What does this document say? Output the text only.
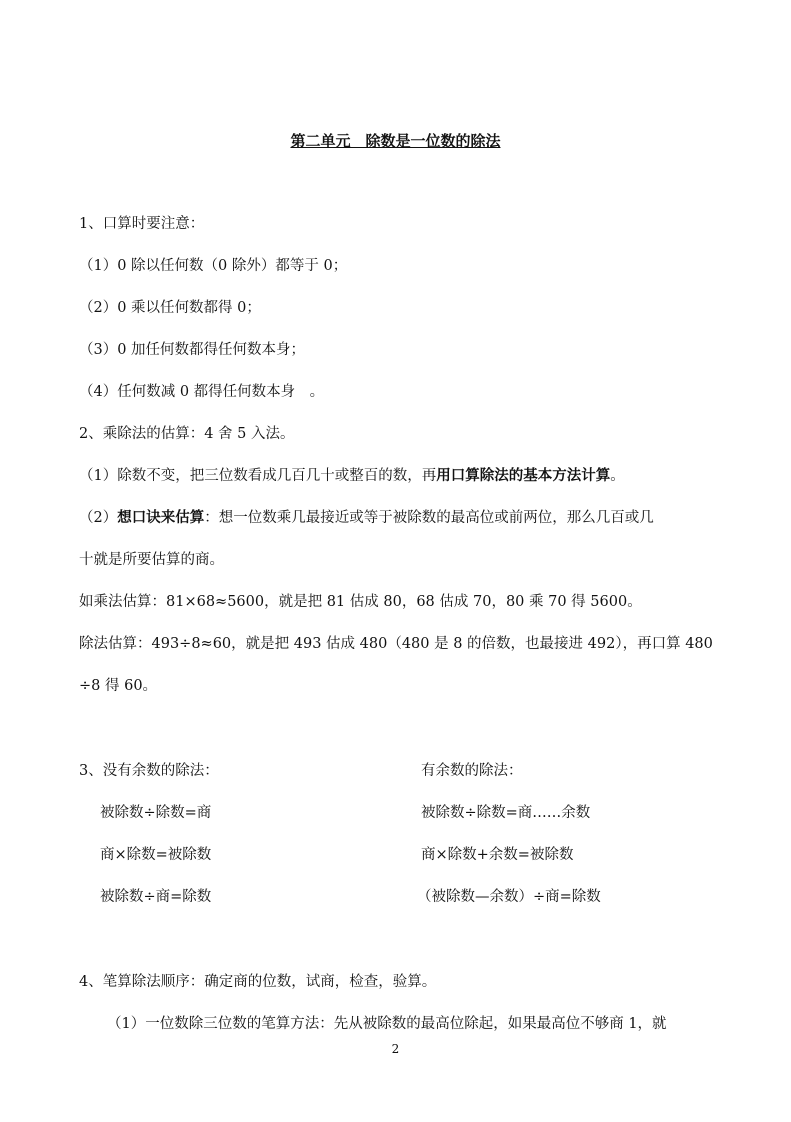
第二单元　除数是一位数的除法
1、口算时要注意：
（1）0 除以任何数（0 除外）都等于 0；
（2）0 乘以任何数都得 0；
（3）0 加任何数都得任何数本身；
（4）任何数减 0 都得任何数本身　。
2、乘除法的估算：4 舍 5 入法。
（1）除数不变，把三位数看成几百几十或整百的数，再用口算除法的基本方法计算。
（2）想口诀来估算：想一位数乘几最接近或等于被除数的最高位或前两位，那么几百或几
十就是所要估算的商。
如乘法估算：81×68≈5600，就是把 81 估成 80，68 估成 70，80 乘 70 得 5600。
除法估算：493÷8≈60，就是把 493 估成 480（480 是 8 的倍数，也最接进 492），再口算 480
÷8 得 60。
3、没有余数的除法：	有余数的除法：
被除数÷除数=商	被除数÷除数=商……余数
商×除数=被除数	商×除数+余数=被除数
被除数÷商=除数	（被除数—余数）÷商=除数
4、笔算除法顺序：确定商的位数，试商，检查，验算。
（1）一位数除三位数的笔算方法：先从被除数的最高位除起，如果最高位不够商 1，就
2
